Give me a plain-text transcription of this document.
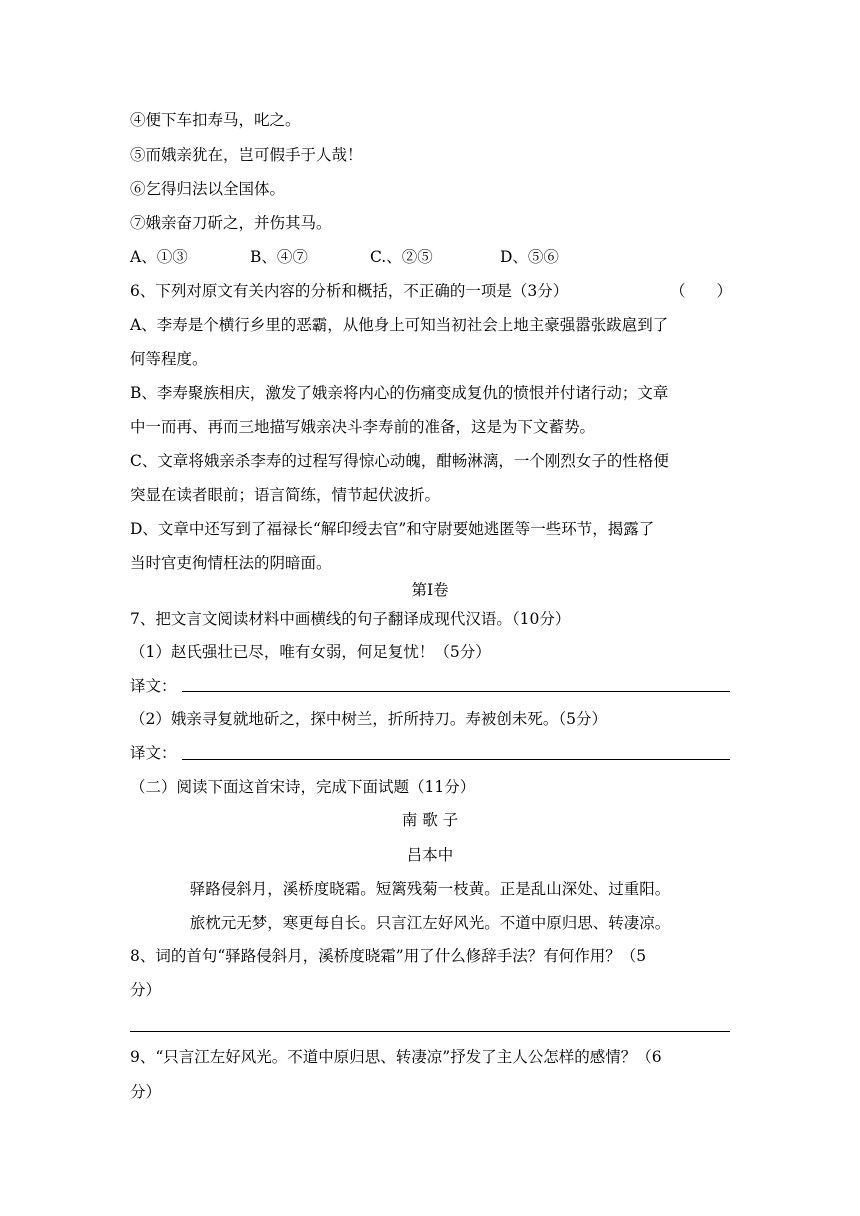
④便下车扣寿马，叱之。
⑤而娥亲犹在，岂可假手于人哉！
⑥乞得归法以全国体。
⑦娥亲奋刀斫之，并伤其马。
A、①③	B、④⑦	C.、②⑤	D、⑤⑥
6、下列对原文有关内容的分析和概括，不正确的一项是（3分）	（　　）
A、李寿是个横行乡里的恶霸，从他身上可知当初社会上地主豪强嚣张跋扈到了
何等程度。
B、李寿聚族相庆，激发了娥亲将内心的伤痛变成复仇的愤恨并付诸行动；文章
中一而再、再而三地描写娥亲决斗李寿前的准备，这是为下文蓄势。
C、文章将娥亲杀李寿的过程写得惊心动魄，酣畅淋漓，一个刚烈女子的性格便
突显在读者眼前；语言简练，情节起伏波折。
D、文章中还写到了福禄长“解印绶去官”和守尉要她逃匿等一些环节，揭露了
当时官吏徇情枉法的阴暗面。
第Ⅰ卷
7、把文言文阅读材料中画横线的句子翻译成现代汉语。（10分）
（1）赵氏强壮已尽，唯有女弱，何足复忧！（5分）
译文：
（2）娥亲寻复就地斫之，探中树兰，折所持刀。寿被创未死。（5分）
译文：
（二）阅读下面这首宋诗，完成下面试题（11分）
南 歌 子
吕本中
驿路侵斜月，溪桥度晓霜。短篱残菊一枝黄。正是乱山深处、过重阳。
旅枕元无梦，寒更每自长。只言江左好风光。不道中原归思、转凄凉。
8、词的首句“驿路侵斜月，溪桥度晓霜”用了什么修辞手法？有何作用？（5
分）
9、“只言江左好风光。不道中原归思、转凄凉”抒发了主人公怎样的感情？（6
分）
